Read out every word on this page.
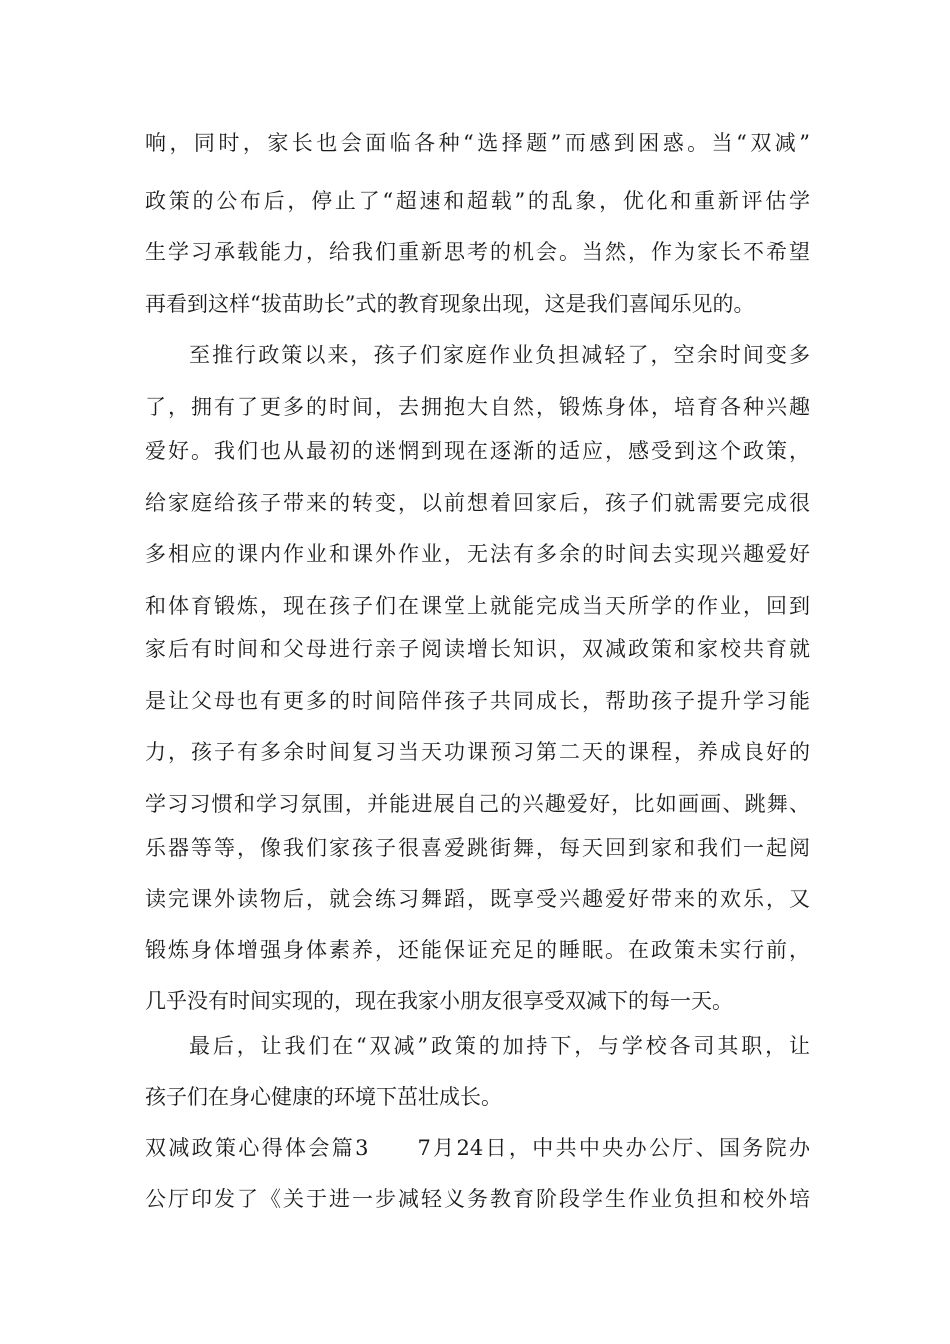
响，同时，家长也会面临各种“选择题”而感到困惑。当“双减”
政策的公布后，停止了“超速和超载”的乱象，优化和重新评估学
生学习承载能力，给我们重新思考的机会。当然，作为家长不希望
再看到这样“拔苗助长”式的教育现象出现，这是我们喜闻乐见的。
至推行政策以来，孩子们家庭作业负担减轻了，空余时间变多
了，拥有了更多的时间，去拥抱大自然，锻炼身体，培育各种兴趣
爱好。我们也从最初的迷惘到现在逐渐的适应，感受到这个政策，
给家庭给孩子带来的转变，以前想着回家后，孩子们就需要完成很
多相应的课内作业和课外作业，无法有多余的时间去实现兴趣爱好
和体育锻炼，现在孩子们在课堂上就能完成当天所学的作业，回到
家后有时间和父母进行亲子阅读增长知识，双减政策和家校共育就
是让父母也有更多的时间陪伴孩子共同成长，帮助孩子提升学习能
力，孩子有多余时间复习当天功课预习第二天的课程，养成良好的
学习习惯和学习氛围，并能进展自己的兴趣爱好，比如画画、跳舞、
乐器等等，像我们家孩子很喜爱跳街舞，每天回到家和我们一起阅
读完课外读物后，就会练习舞蹈，既享受兴趣爱好带来的欢乐，又
锻炼身体增强身体素养，还能保证充足的睡眠。在政策未实行前，
几乎没有时间实现的，现在我家小朋友很享受双减下的每一天。
最后，让我们在“双减”政策的加持下，与学校各司其职，让
孩子们在身心健康的环境下茁壮成长。
双减政策心得体会篇3　　7月24日，中共中央办公厅、国务院办
公厅印发了《关于进一步减轻义务教育阶段学生作业负担和校外培
